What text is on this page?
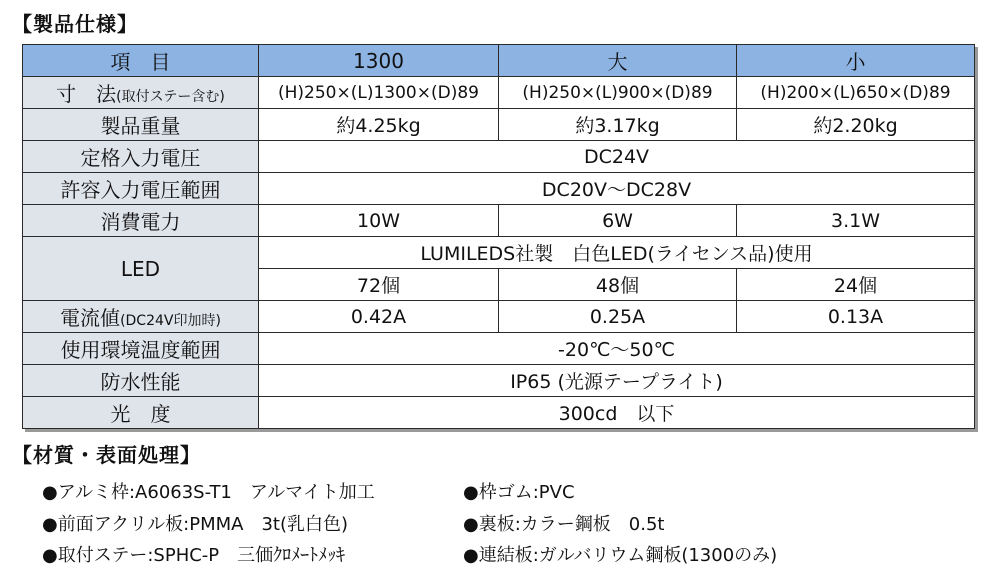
【製品仕様】
項　目	1300	大	小
寸　法(取付ステー含む)	(H)250×(L)1300×(D)89	(H)250×(L)900×(D)89	(H)200×(L)650×(D)89
製品重量	約4.25kg	約3.17kg	約2.20kg
定格入力電圧	DC24V		
許容入力電圧範囲	DC20V～DC28V		
消費電力	10W	6W	3.1W
LED	LUMILEDS社製　白色LED(ライセンス品)使用		
	72個	48個	24個
電流値(DC24V印加時)	0.42A	0.25A	0.13A
使用環境温度範囲	-20℃～50℃		
防水性能	IP65 (光源テープライト)		
光　度	300cd　以下		
【材質・表面処理】
●アルミ枠:A6063S-T1　アルマイト加工	●枠ゴム:PVC
●前面アクリル板:PMMA　3t(乳白色)	●裏板:カラー鋼板　0.5t
●取付ステー:SPHC-P　三価ｸﾛﾒｰﾄﾒｯｷ	●連結板:ガルバリウム鋼板(1300のみ)
